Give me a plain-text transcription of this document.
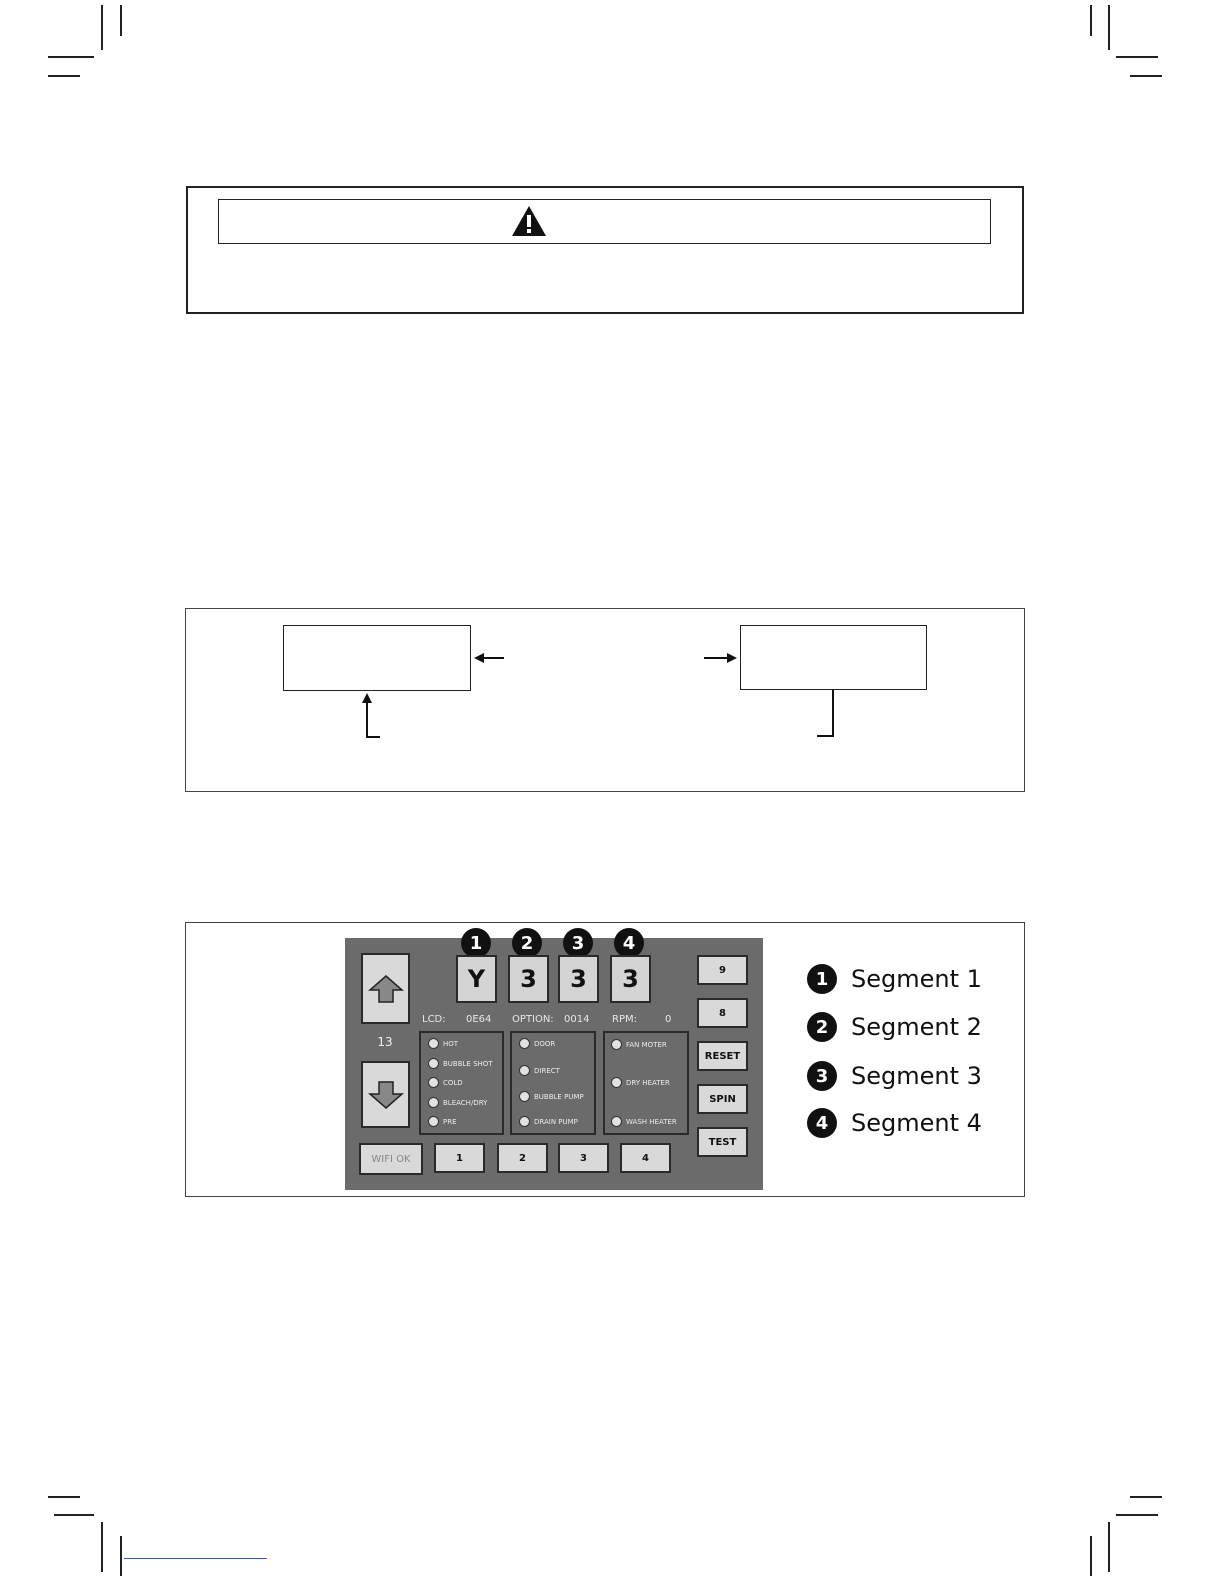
13
1	2	3	4
Y	3	3	3
LCD: 0E64 OPTION: 0014 RPM:	0
HOT
BUBBLE SHOT
COLD
BLEACH/DRY
PRE
DOOR
DIRECT
BUBBLE PUMP
DRAIN PUMP
FAN MOTER
DRY HEATER
WASH HEATER
9
8
RESET
SPIN
TEST
WIFI OK	1	2	3	4
1 Segment 1
2 Segment 2
3 Segment 3
4 Segment 4
